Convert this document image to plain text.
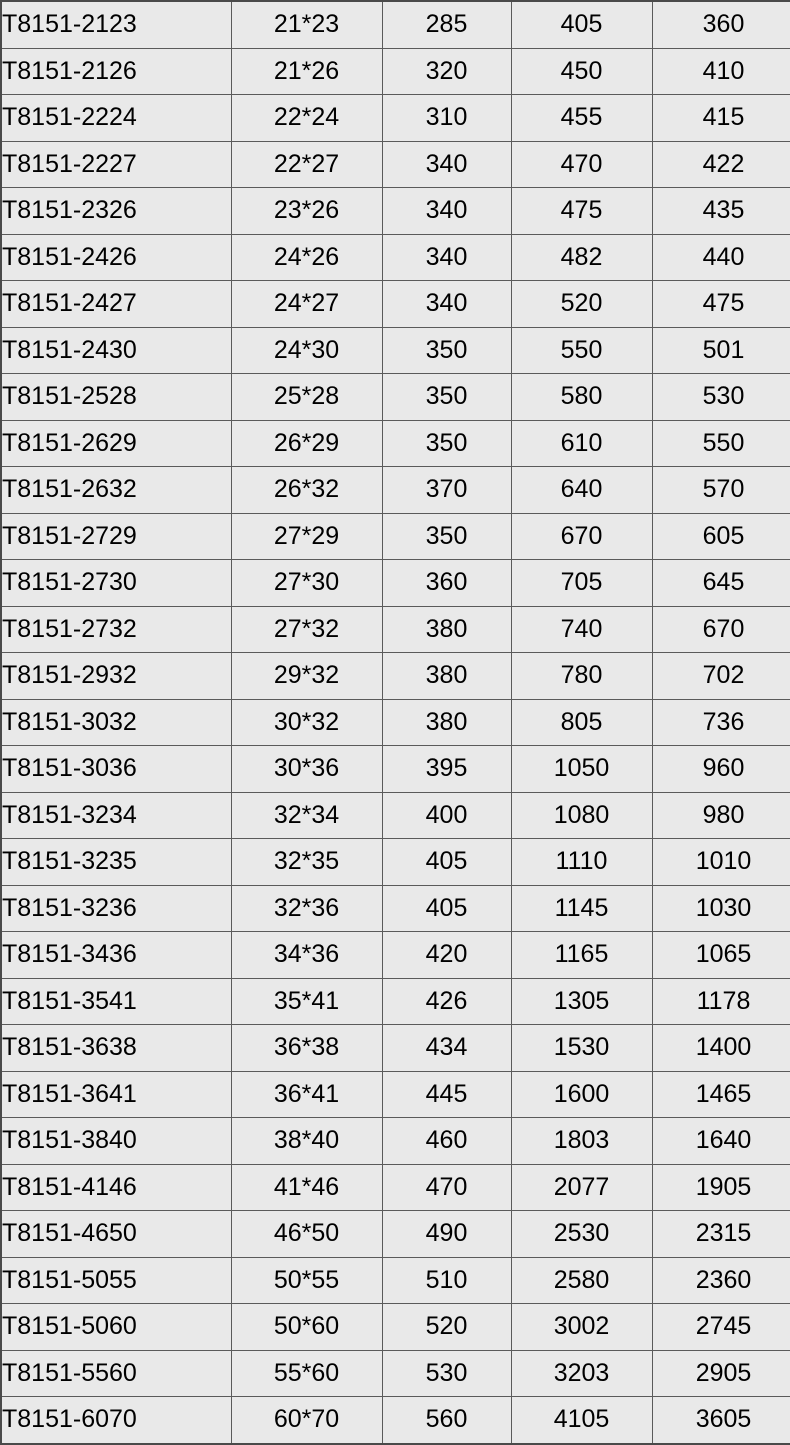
T8151-2123	21*23	285	405	360
T8151-2126	21*26	320	450	410
T8151-2224	22*24	310	455	415
T8151-2227	22*27	340	470	422
T8151-2326	23*26	340	475	435
T8151-2426	24*26	340	482	440
T8151-2427	24*27	340	520	475
T8151-2430	24*30	350	550	501
T8151-2528	25*28	350	580	530
T8151-2629	26*29	350	610	550
T8151-2632	26*32	370	640	570
T8151-2729	27*29	350	670	605
T8151-2730	27*30	360	705	645
T8151-2732	27*32	380	740	670
T8151-2932	29*32	380	780	702
T8151-3032	30*32	380	805	736
T8151-3036	30*36	395	1050	960
T8151-3234	32*34	400	1080	980
T8151-3235	32*35	405	1110	1010
T8151-3236	32*36	405	1145	1030
T8151-3436	34*36	420	1165	1065
T8151-3541	35*41	426	1305	1178
T8151-3638	36*38	434	1530	1400
T8151-3641	36*41	445	1600	1465
T8151-3840	38*40	460	1803	1640
T8151-4146	41*46	470	2077	1905
T8151-4650	46*50	490	2530	2315
T8151-5055	50*55	510	2580	2360
T8151-5060	50*60	520	3002	2745
T8151-5560	55*60	530	3203	2905
T8151-6070	60*70	560	4105	3605
